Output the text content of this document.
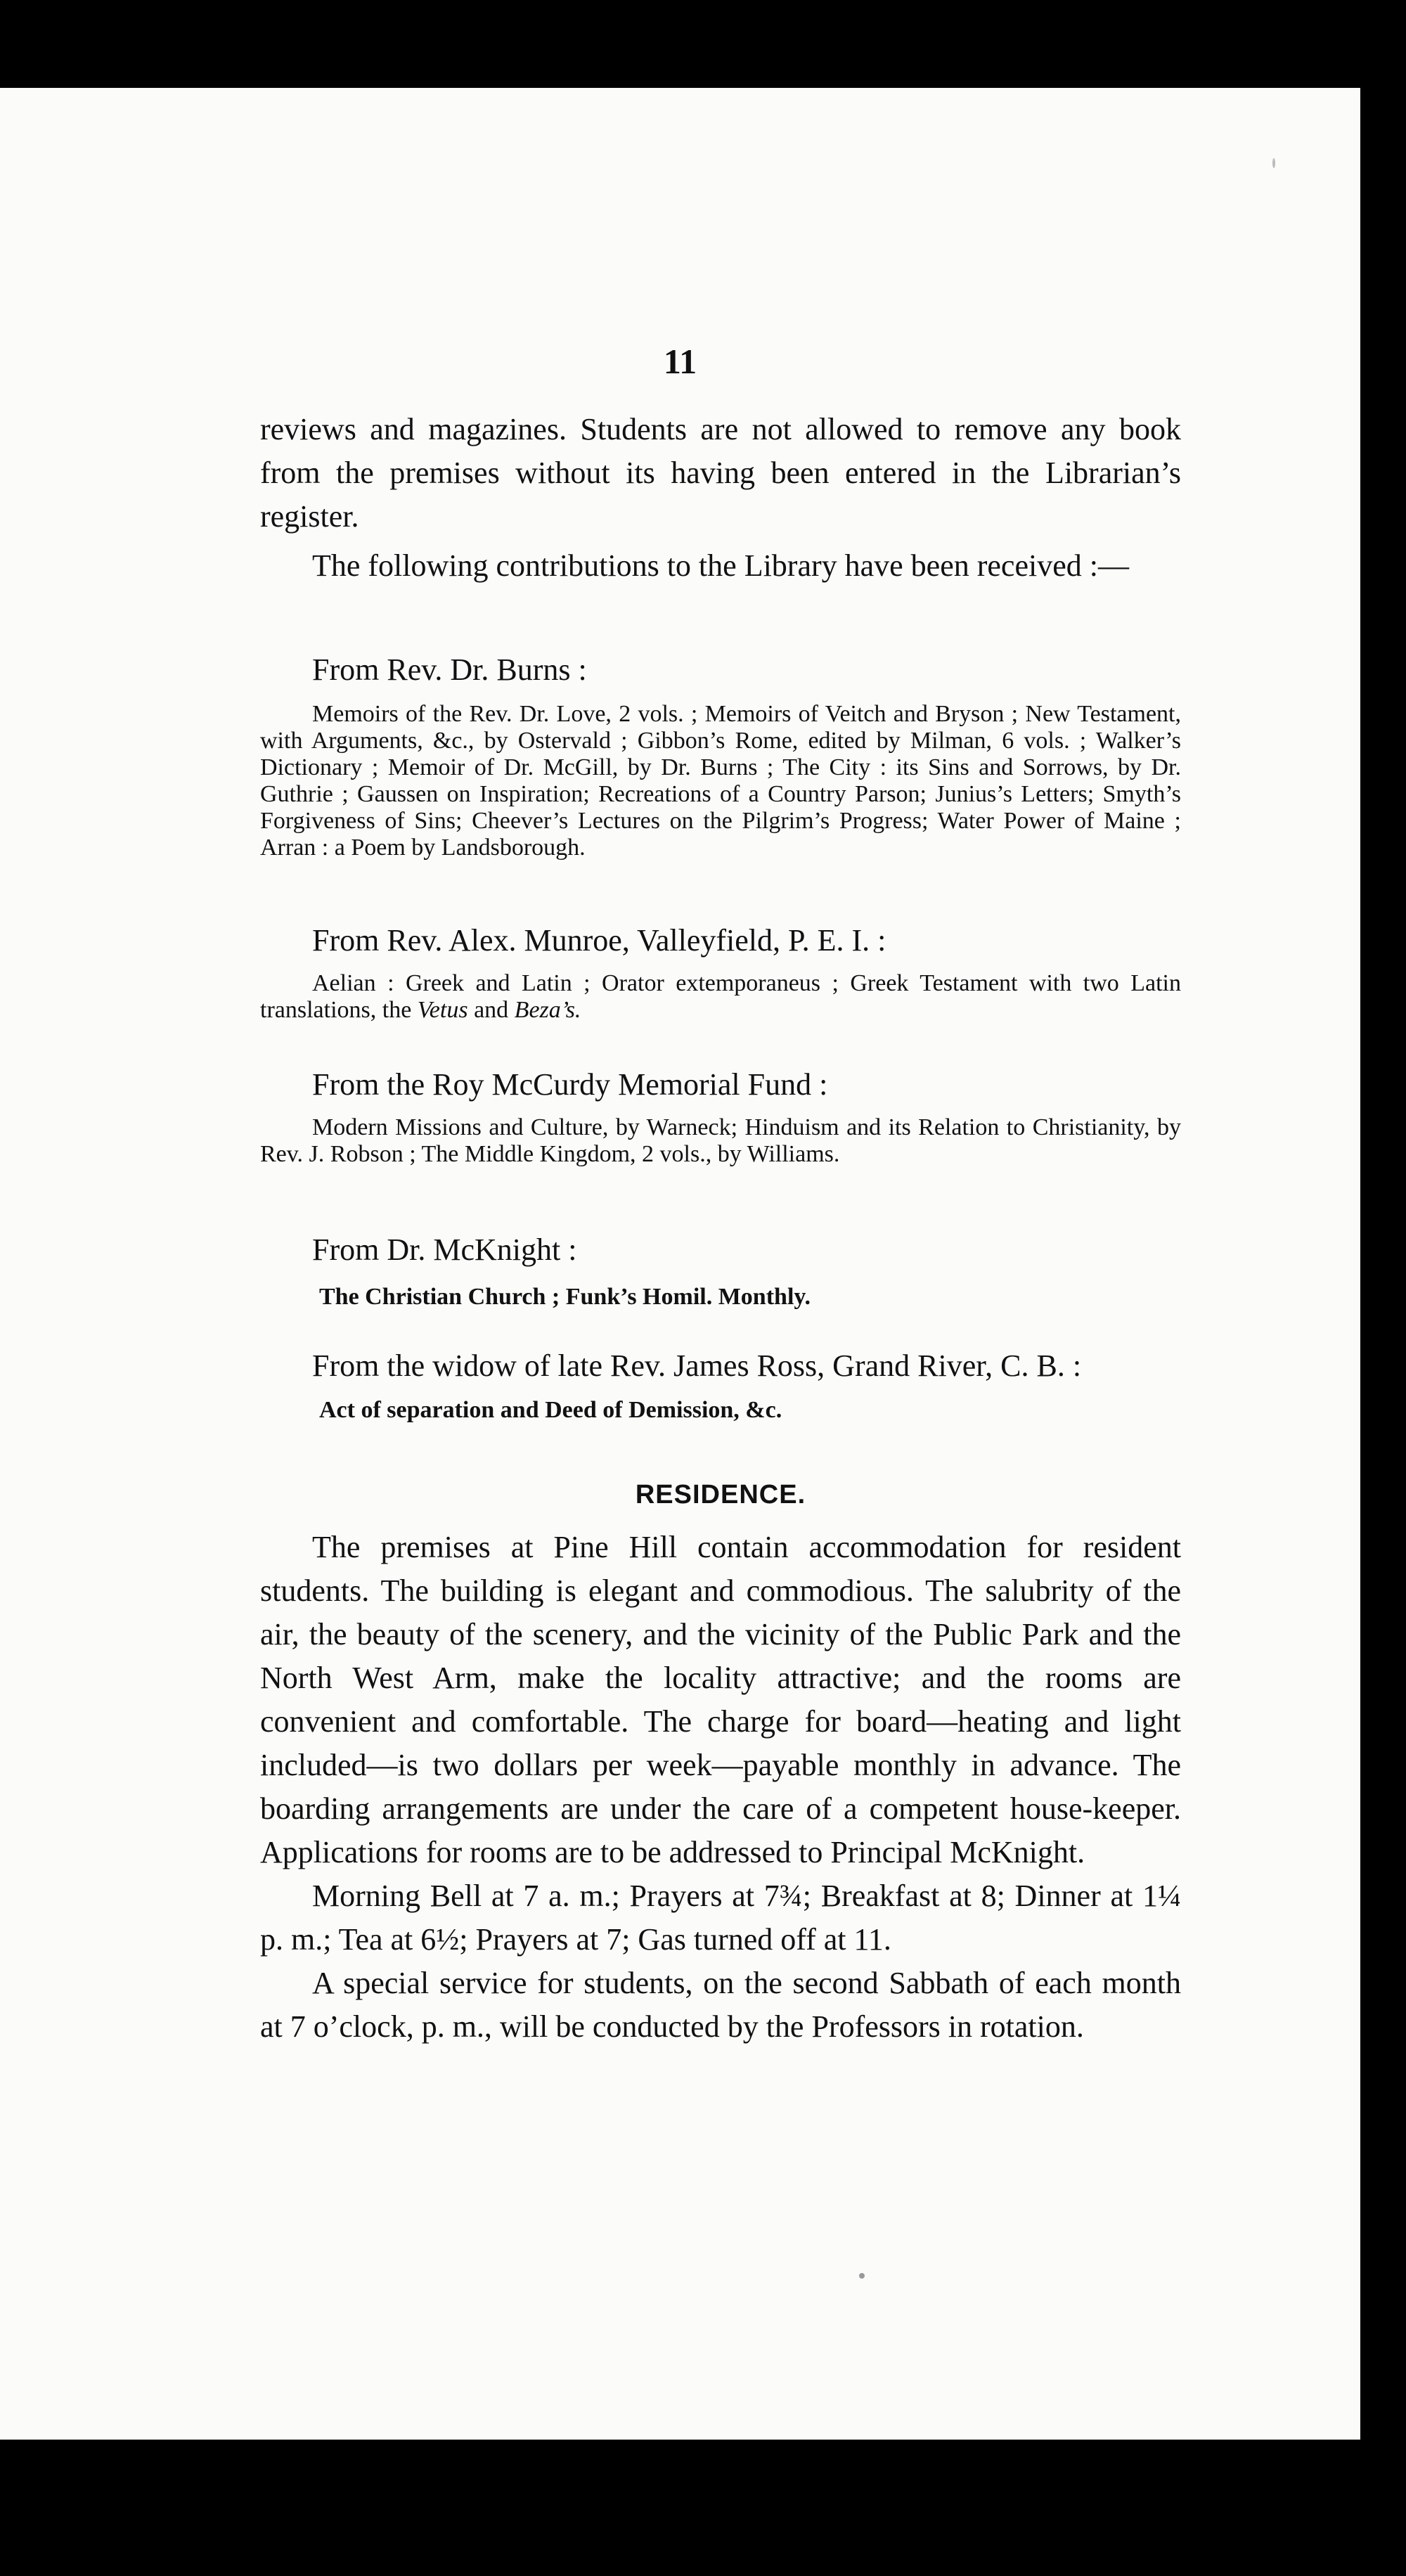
11

reviews and magazines. Students are not allowed to remove any book from the premises without its having been entered in the Librarian’s register.

The following contributions to the Library have been received :—

From Rev. Dr. Burns :

Memoirs of the Rev. Dr. Love, 2 vols. ; Memoirs of Veitch and Bryson ; New Testament, with Arguments, &c., by Ostervald ; Gibbon’s Rome, edited by Milman, 6 vols. ; Walker’s Dictionary ; Memoir of Dr. McGill, by Dr. Burns ; The City : its Sins and Sorrows, by Dr. Guthrie ; Gaussen on Inspiration; Recreations of a Country Parson; Junius’s Letters; Smyth’s Forgiveness of Sins; Cheever’s Lectures on the Pilgrim’s Progress; Water Power of Maine ; Arran : a Poem by Landsborough.

From Rev. Alex. Munroe, Valleyfield, P. E. I. :

Aelian : Greek and Latin ; Orator extemporaneus ; Greek Testament with two Latin translations, the Vetus and Beza’s.

From the Roy McCurdy Memorial Fund :

Modern Missions and Culture, by Warneck; Hinduism and its Relation to Christianity, by Rev. J. Robson ; The Middle Kingdom, 2 vols., by Williams.

From Dr. McKnight :

The Christian Church ; Funk’s Homil. Monthly.

From the widow of late Rev. James Ross, Grand River, C. B. :

Act of separation and Deed of Demission, &c.

RESIDENCE.

The premises at Pine Hill contain accommodation for resident students. The building is elegant and commodious. The salubrity of the air, the beauty of the scenery, and the vicinity of the Public Park and the North West Arm, make the locality attractive; and the rooms are convenient and comfortable. The charge for board—heating and light included—is two dollars per week—payable monthly in advance. The boarding arrangements are under the care of a competent house-keeper. Applications for rooms are to be addressed to Principal McKnight.

Morning Bell at 7 a. m.; Prayers at 7¾; Breakfast at 8; Dinner at 1¼ p. m.; Tea at 6½; Prayers at 7; Gas turned off at 11.

A special service for students, on the second Sabbath of each month at 7 o’clock, p. m., will be conducted by the Professors in rotation.
